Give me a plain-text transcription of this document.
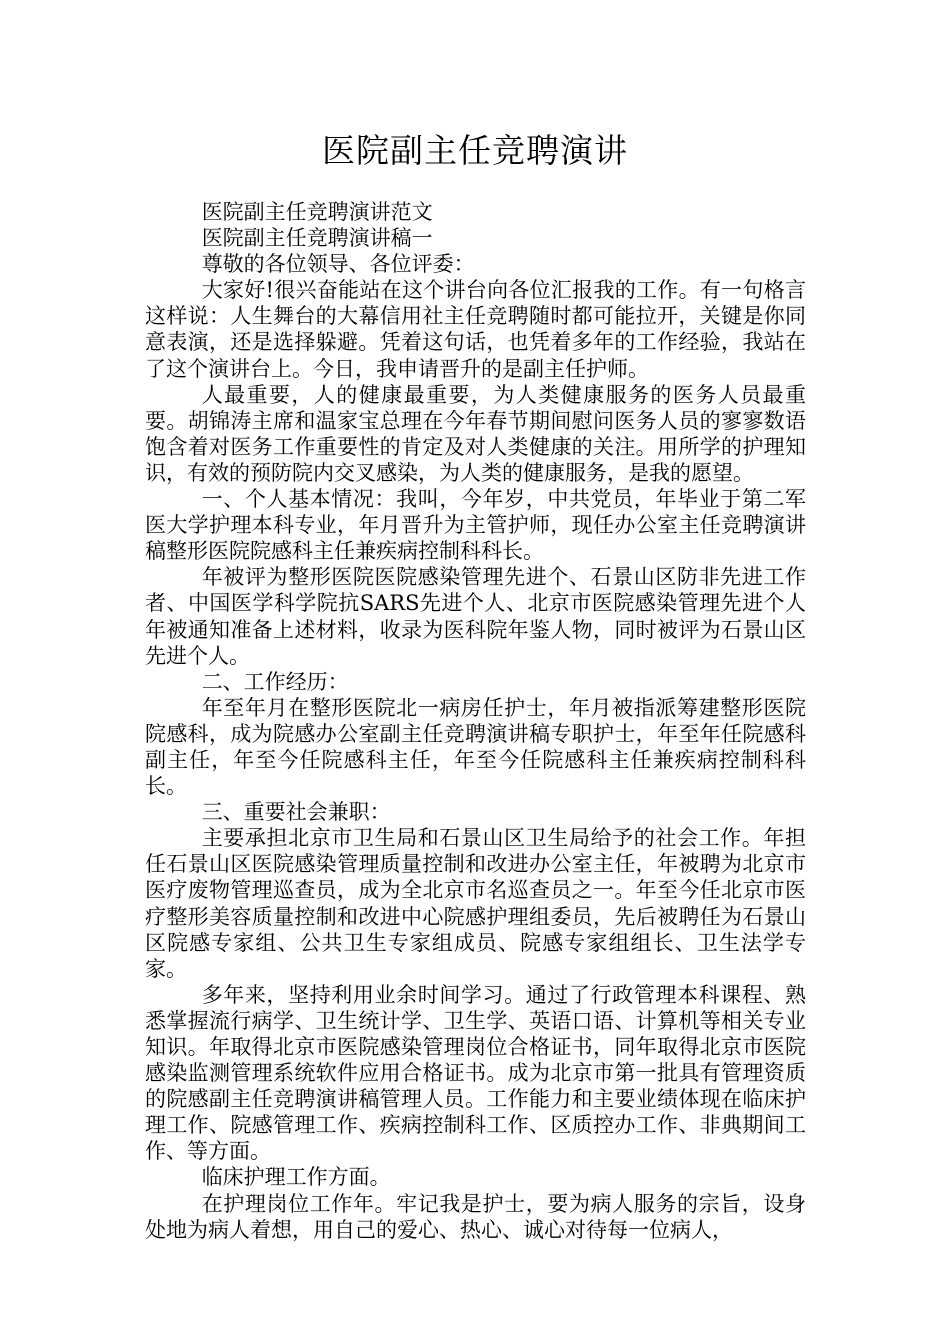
医院副主任竞聘演讲

医院副主任竞聘演讲范文

医院副主任竞聘演讲稿一

尊敬的各位领导、各位评委：

大家好!很兴奋能站在这个讲台向各位汇报我的工作。有一句格言这样说：人生舞台的大幕信用社主任竞聘随时都可能拉开，关键是你同意表演，还是选择躲避。凭着这句话，也凭着多年的工作经验，我站在了这个演讲台上。今日，我申请晋升的是副主任护师。

人最重要，人的健康最重要，为人类健康服务的医务人员最重要。胡锦涛主席和温家宝总理在今年春节期间慰问医务人员的寥寥数语饱含着对医务工作重要性的肯定及对人类健康的关注。用所学的护理知识，有效的预防院内交叉感染，为人类的健康服务，是我的愿望。

一、个人基本情况：我叫，今年岁，中共党员，年毕业于第二军医大学护理本科专业，年月晋升为主管护师，现任办公室主任竞聘演讲稿整形医院院感科主任兼疾病控制科科长。

年被评为整形医院医院感染管理先进个、石景山区防非先进工作者、中国医学科学院抗SARS先进个人、北京市医院感染管理先进个人年被通知准备上述材料，收录为医科院年鉴人物，同时被评为石景山区先进个人。

二、工作经历：

年至年月在整形医院北一病房任护士，年月被指派筹建整形医院院感科，成为院感办公室副主任竞聘演讲稿专职护士，年至年任院感科副主任，年至今任院感科主任，年至今任院感科主任兼疾病控制科科长。

三、重要社会兼职：

主要承担北京市卫生局和石景山区卫生局给予的社会工作。年担任石景山区医院感染管理质量控制和改进办公室主任，年被聘为北京市医疗废物管理巡查员，成为全北京市名巡查员之一。年至今任北京市医疗整形美容质量控制和改进中心院感护理组委员，先后被聘任为石景山区院感专家组、公共卫生专家组成员、院感专家组组长、卫生法学专家。

多年来，坚持利用业余时间学习。通过了行政管理本科课程、熟悉掌握流行病学、卫生统计学、卫生学、英语口语、计算机等相关专业知识。年取得北京市医院感染管理岗位合格证书，同年取得北京市医院感染监测管理系统软件应用合格证书。成为北京市第一批具有管理资质的院感副主任竞聘演讲稿管理人员。工作能力和主要业绩体现在临床护理工作、院感管理工作、疾病控制科工作、区质控办工作、非典期间工作、等方面。

临床护理工作方面。

在护理岗位工作年。牢记我是护士，要为病人服务的宗旨，设身处地为病人着想，用自己的爱心、热心、诚心对待每一位病人，
